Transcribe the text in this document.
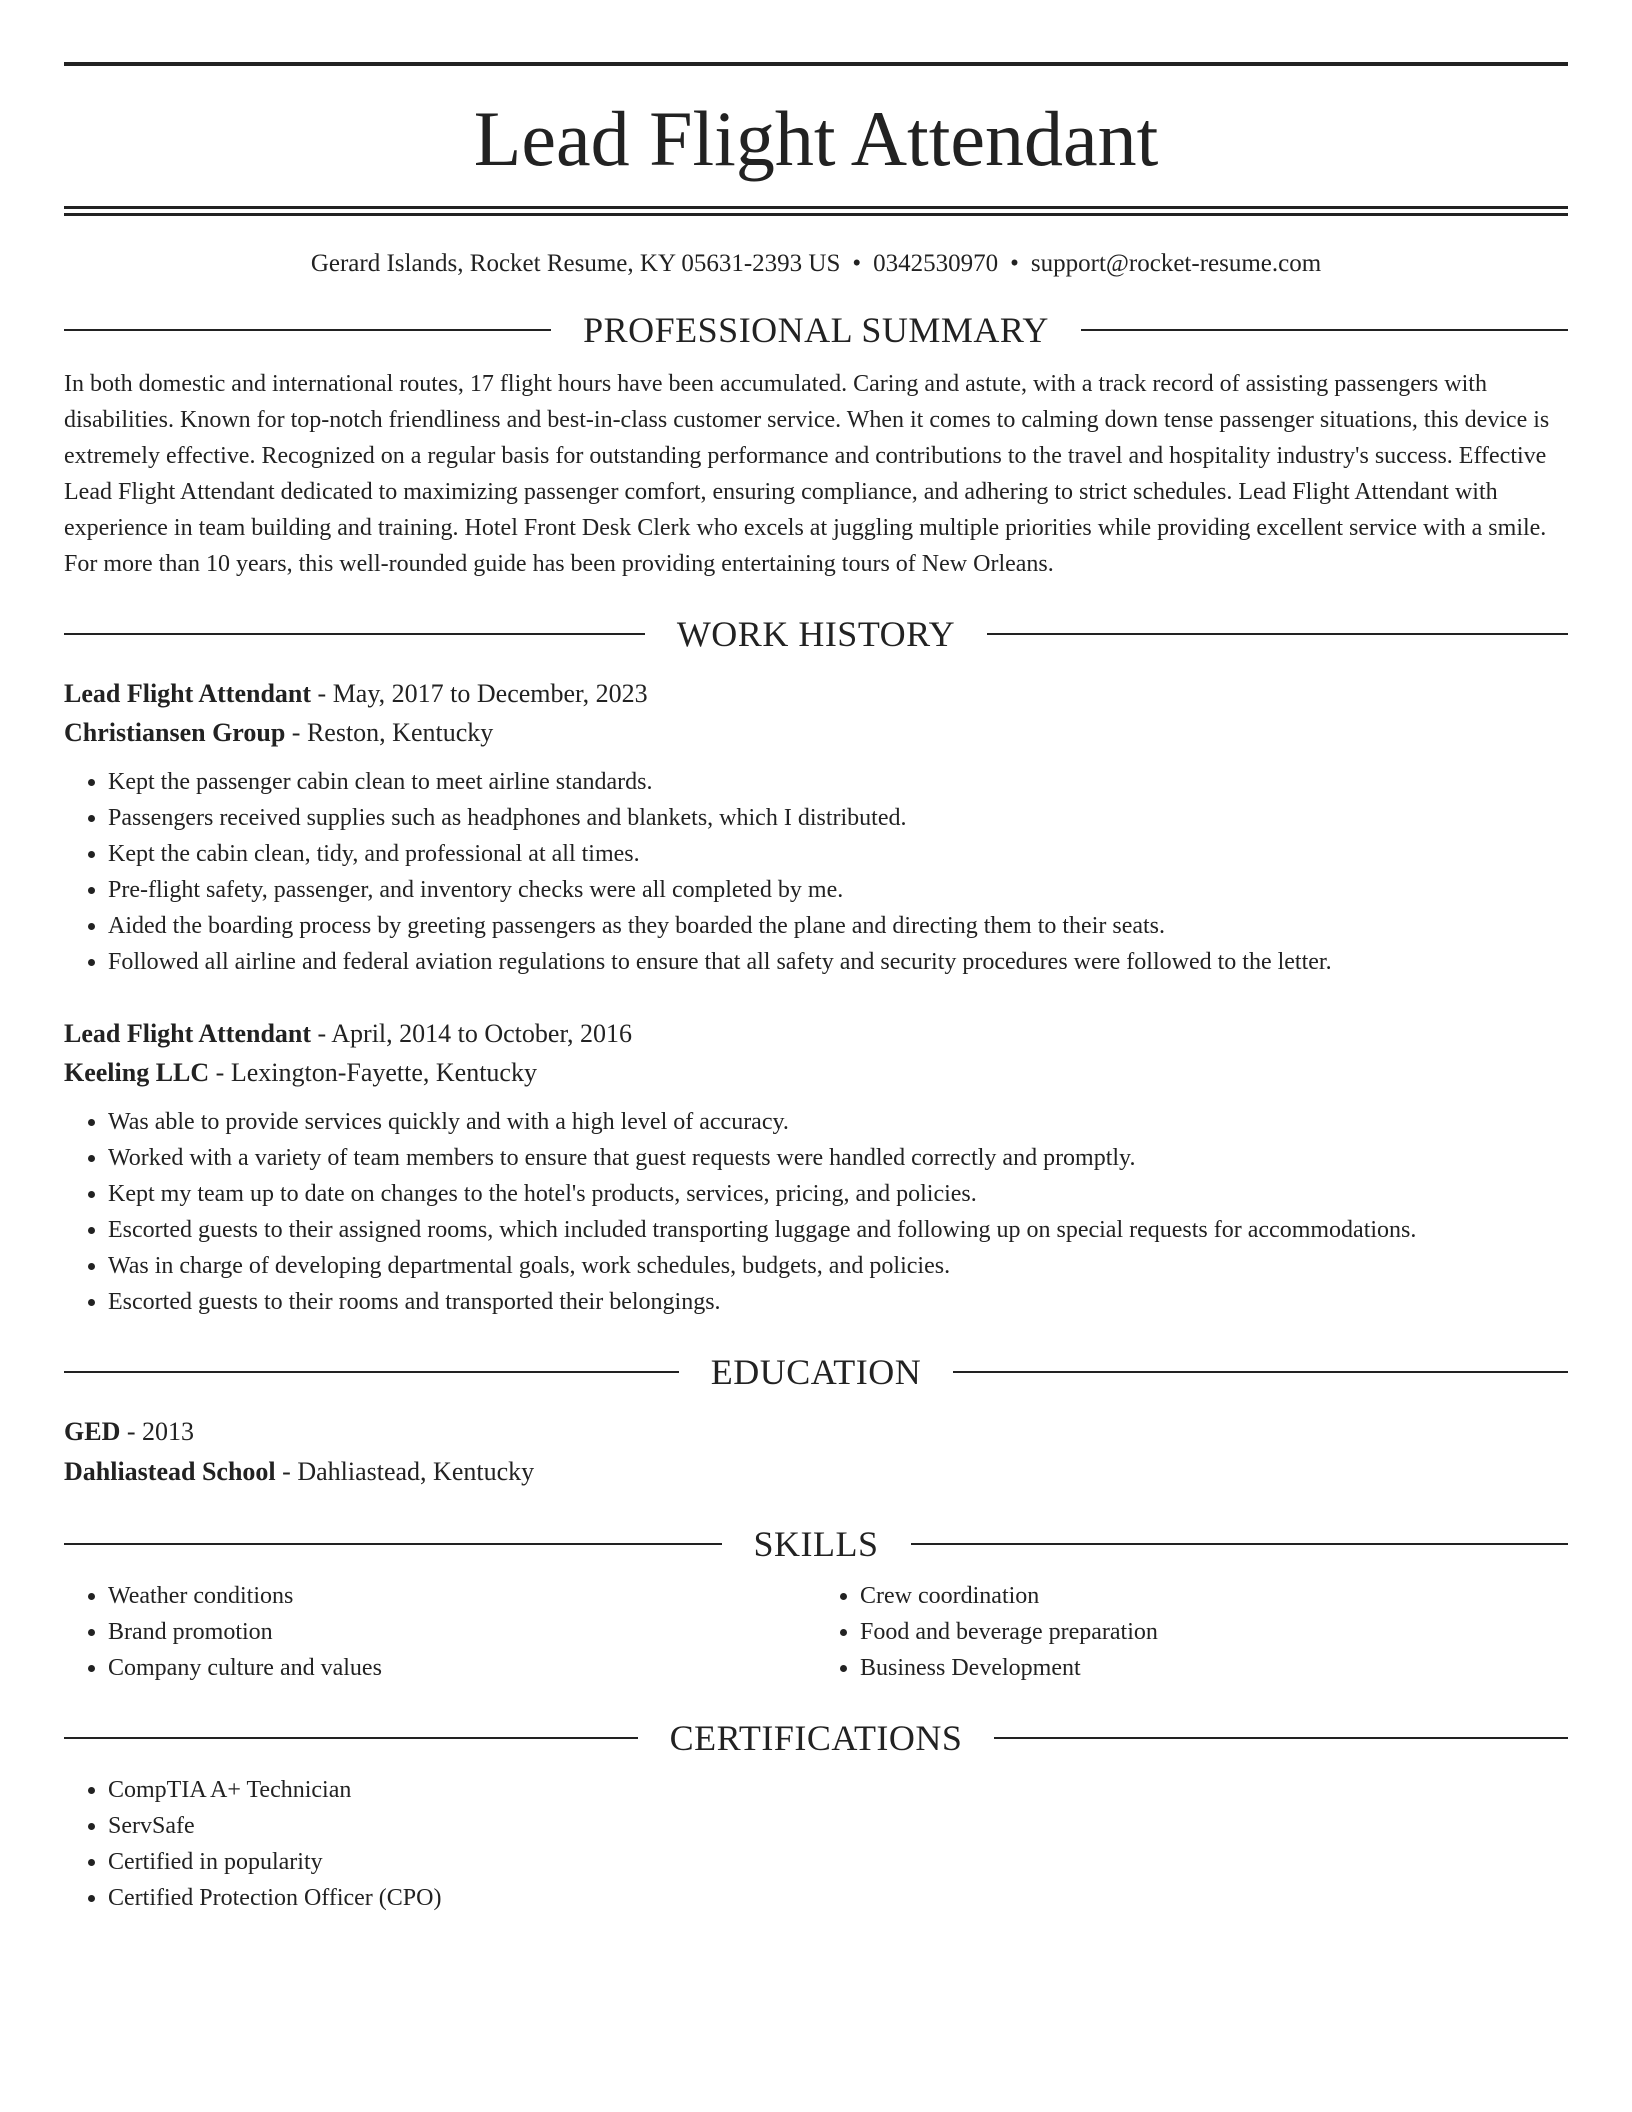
Lead Flight Attendant
Gerard Islands, Rocket Resume, KY 05631-2393 US • 0342530970 • support@rocket-resume.com
PROFESSIONAL SUMMARY
In both domestic and international routes, 17 flight hours have been accumulated. Caring and astute, with a track record of assisting passengers with disabilities. Known for top-notch friendliness and best-in-class customer service. When it comes to calming down tense passenger situations, this device is extremely effective. Recognized on a regular basis for outstanding performance and contributions to the travel and hospitality industry's success. Effective Lead Flight Attendant dedicated to maximizing passenger comfort, ensuring compliance, and adhering to strict schedules. Lead Flight Attendant with experience in team building and training. Hotel Front Desk Clerk who excels at juggling multiple priorities while providing excellent service with a smile. For more than 10 years, this well-rounded guide has been providing entertaining tours of New Orleans.
WORK HISTORY
Lead Flight Attendant - May, 2017 to December, 2023
Christiansen Group - Reston, Kentucky
• Kept the passenger cabin clean to meet airline standards.
• Passengers received supplies such as headphones and blankets, which I distributed.
• Kept the cabin clean, tidy, and professional at all times.
• Pre-flight safety, passenger, and inventory checks were all completed by me.
• Aided the boarding process by greeting passengers as they boarded the plane and directing them to their seats.
• Followed all airline and federal aviation regulations to ensure that all safety and security procedures were followed to the letter.
Lead Flight Attendant - April, 2014 to October, 2016
Keeling LLC - Lexington-Fayette, Kentucky
• Was able to provide services quickly and with a high level of accuracy.
• Worked with a variety of team members to ensure that guest requests were handled correctly and promptly.
• Kept my team up to date on changes to the hotel's products, services, pricing, and policies.
• Escorted guests to their assigned rooms, which included transporting luggage and following up on special requests for accommodations.
• Was in charge of developing departmental goals, work schedules, budgets, and policies.
• Escorted guests to their rooms and transported their belongings.
EDUCATION
GED - 2013
Dahliastead School - Dahliastead, Kentucky
SKILLS
• Weather conditions
• Brand promotion
• Company culture and values
• Crew coordination
• Food and beverage preparation
• Business Development
CERTIFICATIONS
• CompTIA A+ Technician
• ServSafe
• Certified in popularity
• Certified Protection Officer (CPO)
